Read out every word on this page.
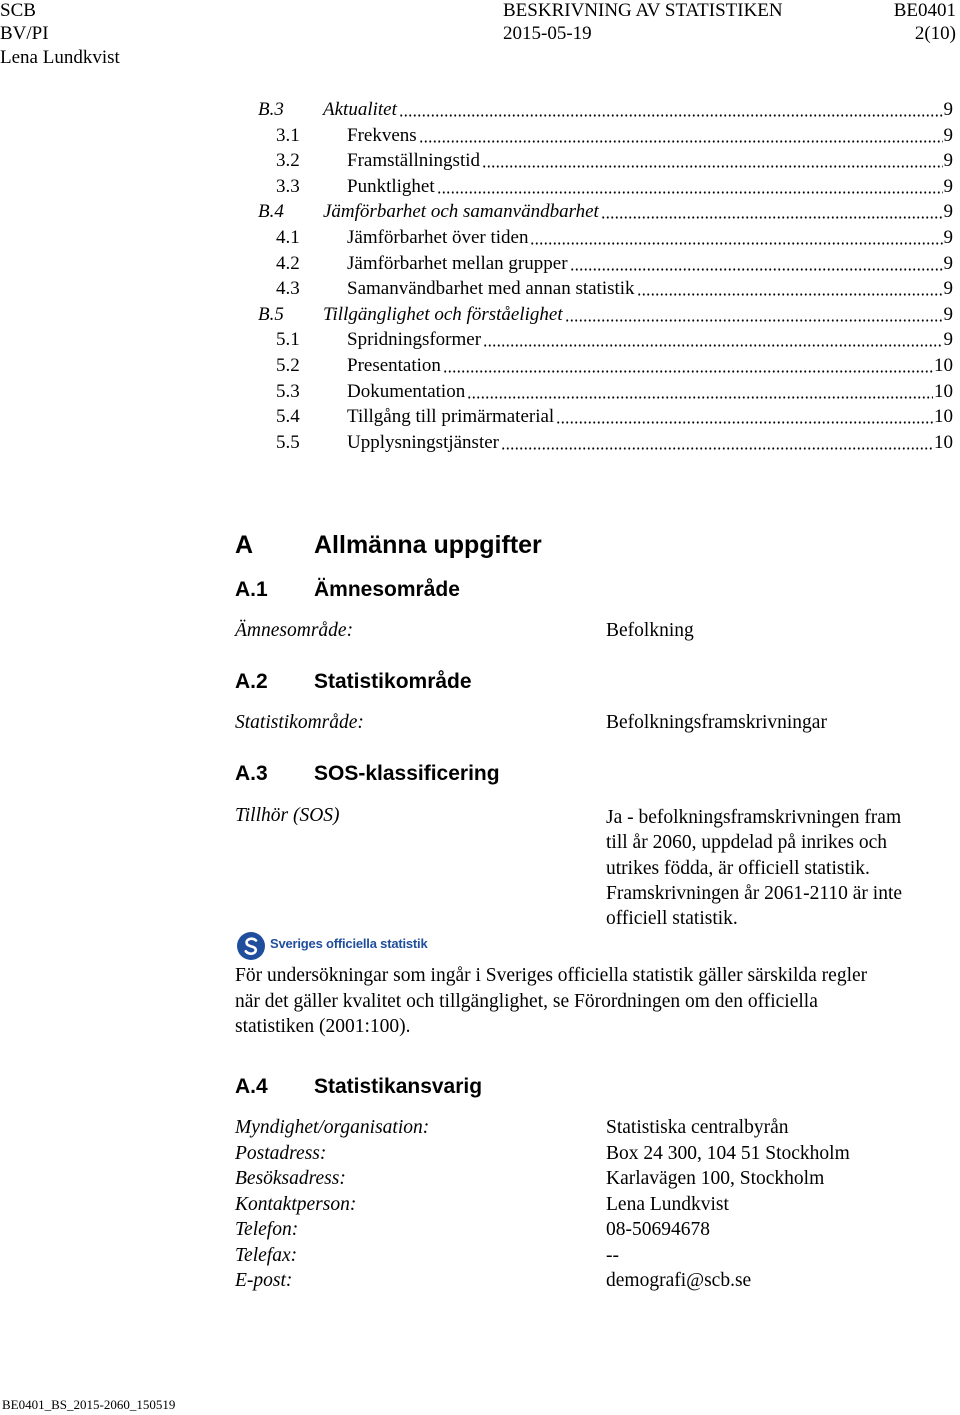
SCB
BV/PI
Lena Lundkvist
BESKRIVNING AV STATISTIKEN
2015-05-19
BE0401
2(10)
B.3 Aktualitet	9
3.1 Frekvens	9
3.2 Framställningstid	9
3.3 Punktlighet	9
B.4 Jämförbarhet och samanvändbarhet	9
4.1 Jämförbarhet över tiden	9
4.2 Jämförbarhet mellan grupper	9
4.3 Samanvändbarhet med annan statistik	9
B.5 Tillgänglighet och förståelighet	9
5.1 Spridningsformer	9
5.2 Presentation	10
5.3 Dokumentation	10
5.4 Tillgång till primärmaterial	10
5.5 Upplysningstjänster	10
A Allmänna uppgifter
A.1 Ämnesområde
Ämnesområde:	Befolkning
A.2 Statistikområde
Statistikområde:	Befolkningsframskrivningar
A.3 SOS-klassificering
Tillhör (SOS)	Ja - befolkningsframskrivningen fram
till år 2060, uppdelad på inrikes och
utrikes födda, är officiell statistik.
Framskrivningen år 2061-2110 är inte
officiell statistik.
Sveriges officiella statistik
För undersökningar som ingår i Sveriges officiella statistik gäller särskilda regler
när det gäller kvalitet och tillgänglighet, se Förordningen om den officiella
statistiken (2001:100).
A.4 Statistikansvarig
Myndighet/organisation:	Statistiska centralbyrån
Postadress:	Box 24 300, 104 51 Stockholm
Besöksadress:	Karlavägen 100, Stockholm
Kontaktperson:	Lena Lundkvist
Telefon:	08-50694678
Telefax:	--
E-post:	demografi@scb.se
BE0401_BS_2015-2060_150519
